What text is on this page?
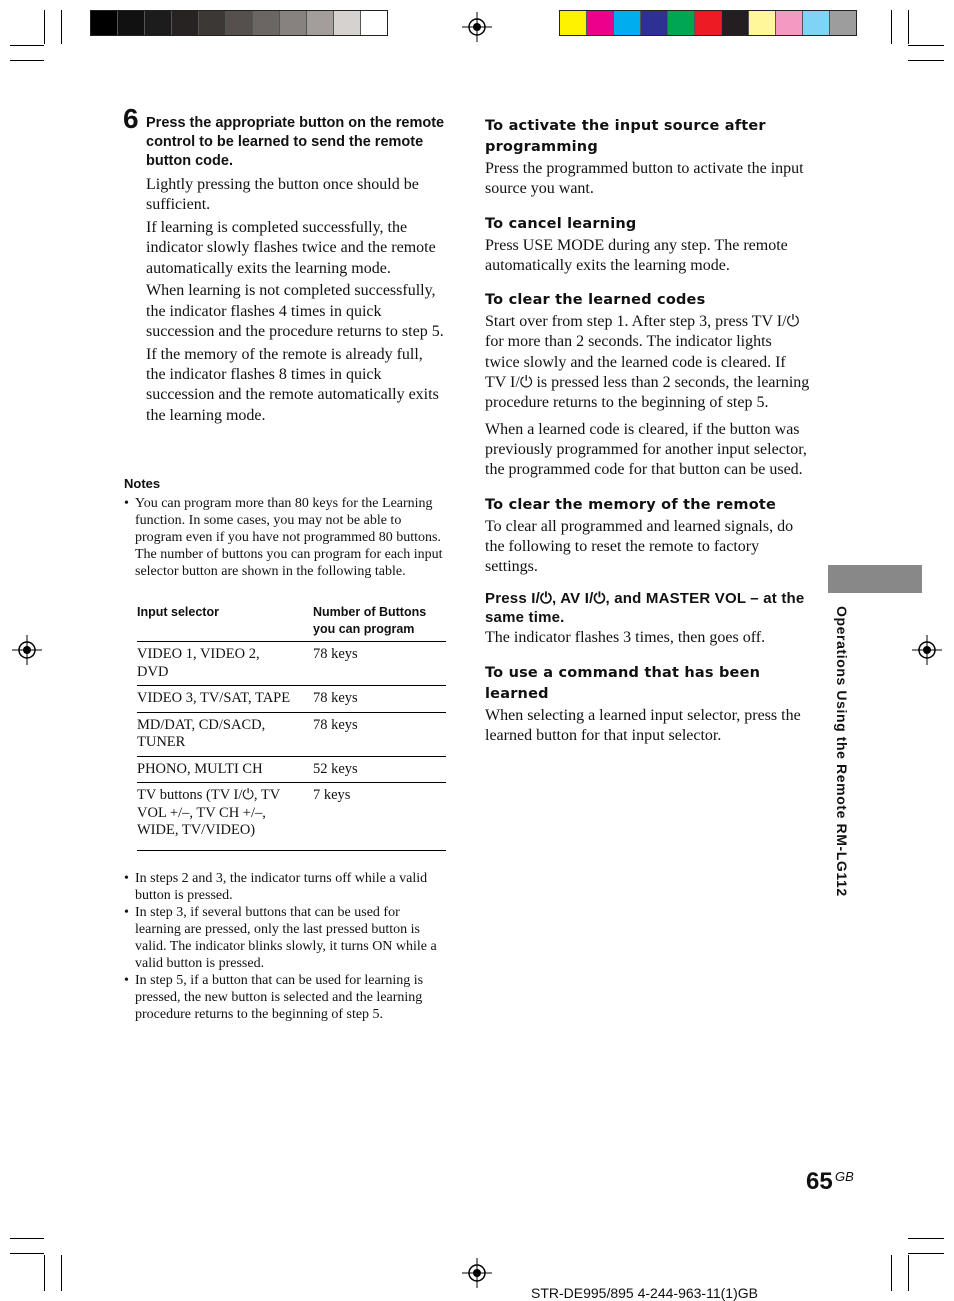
6 Press the appropriate button on the remote control to be learned to send the remote button code.

Lightly pressing the button once should be sufficient.

If learning is completed successfully, the indicator slowly flashes twice and the remote automatically exits the learning mode.

When learning is not completed successfully, the indicator flashes 4 times in quick succession and the procedure returns to step 5.

If the memory of the remote is already full, the indicator flashes 8 times in quick succession and the remote automatically exits the learning mode.

Notes

• You can program more than 80 keys for the Learning function. In some cases, you may not be able to program even if you have not programmed 80 buttons. The number of buttons you can program for each input selector button are shown in the following table.

Input selector	Number of Buttons you can program
VIDEO 1, VIDEO 2, DVD	78 keys
VIDEO 3, TV/SAT, TAPE	78 keys
MD/DAT, CD/SACD, TUNER	78 keys
PHONO, MULTI CH	52 keys
TV buttons (TV I/⏻, TV VOL +/–, TV CH +/–, WIDE, TV/VIDEO)	7 keys

• In steps 2 and 3, the indicator turns off while a valid button is pressed.

• In step 3, if several buttons that can be used for learning are pressed, only the last pressed button is valid. The indicator blinks slowly, it turns ON while a valid button is pressed.

• In step 5, if a button that can be used for learning is pressed, the new button is selected and the learning procedure returns to the beginning of step 5.

To activate the input source after programming

Press the programmed button to activate the input source you want.

To cancel learning

Press USE MODE during any step. The remote automatically exits the learning mode.

To clear the learned codes

Start over from step 1. After step 3, press TV I/⏻ for more than 2 seconds. The indicator lights twice slowly and the learned code is cleared. If TV I/⏻ is pressed less than 2 seconds, the learning procedure returns to the beginning of step 5.

When a learned code is cleared, if the button was previously programmed for another input selector, the programmed code for that button can be used.

To clear the memory of the remote

To clear all programmed and learned signals, do the following to reset the remote to factory settings.

Press I/⏻, AV I/⏻, and MASTER VOL – at the same time.

The indicator flashes 3 times, then goes off.

To use a command that has been learned

When selecting a learned input selector, press the learned button for that input selector.	Operations Using the Remote RM-LG112
65 GB
STR-DE995/895 4-244-963-11(1)GB
